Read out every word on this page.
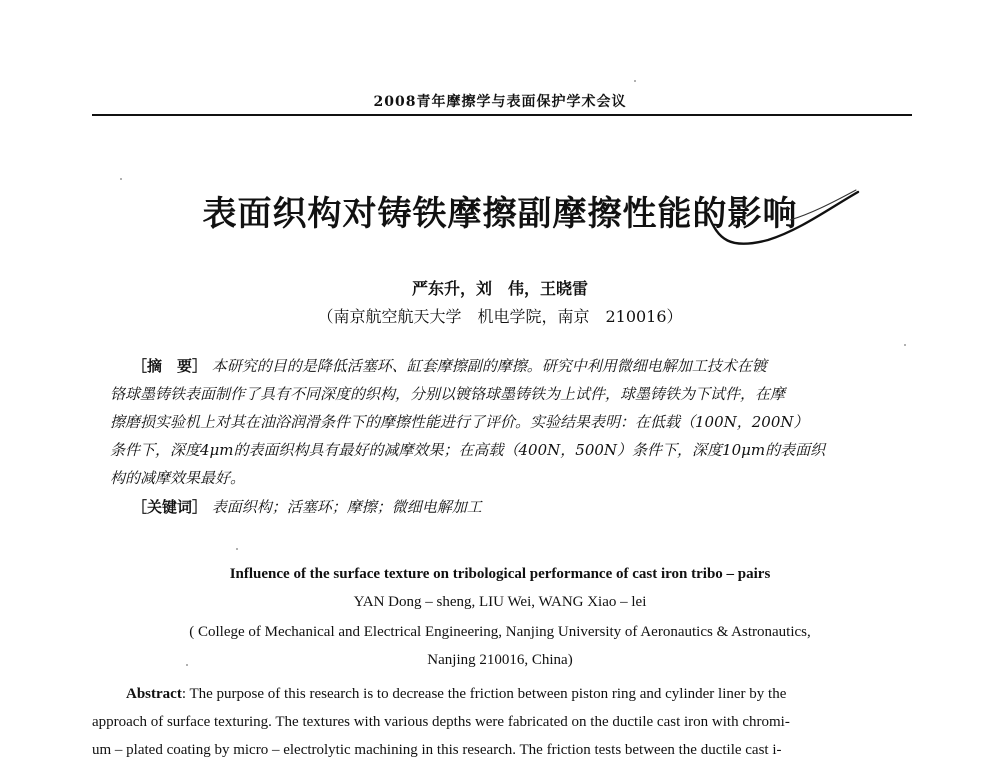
2008青年摩擦学与表面保护学术会议
表面织构对铸铁摩擦副摩擦性能的影响
严东升，刘　伟，王晓雷
（南京航空航天大学　机电学院，南京　210016）
［摘　要］ 本研究的目的是降低活塞环、缸套摩擦副的摩擦。研究中利用微细电解加工技术在镀
铬球墨铸铁表面制作了具有不同深度的织构，分别以镀铬球墨铸铁为上试件，球墨铸铁为下试件，在摩
擦磨损实验机上对其在油浴润滑条件下的摩擦性能进行了评价。实验结果表明：在低载（100N，200N）
条件下，深度4μm的表面织构具有最好的减摩效果；在高载（400N，500N）条件下，深度10μm的表面织
构的减摩效果最好。
［关键词］ 表面织构；活塞环；摩擦；微细电解加工
Influence of the surface texture on tribological performance of cast iron tribo – pairs
YAN Dong – sheng, LIU Wei, WANG Xiao – lei
( College of Mechanical and Electrical Engineering, Nanjing University of Aeronautics & Astronautics,
Nanjing 210016, China)
Abstract: The purpose of this research is to decrease the friction between piston ring and cylinder liner by the
approach of surface texturing. The textures with various depths were fabricated on the ductile cast iron with chromi-
um – plated coating by micro – electrolytic machining in this research. The friction tests between the ductile cast i-
